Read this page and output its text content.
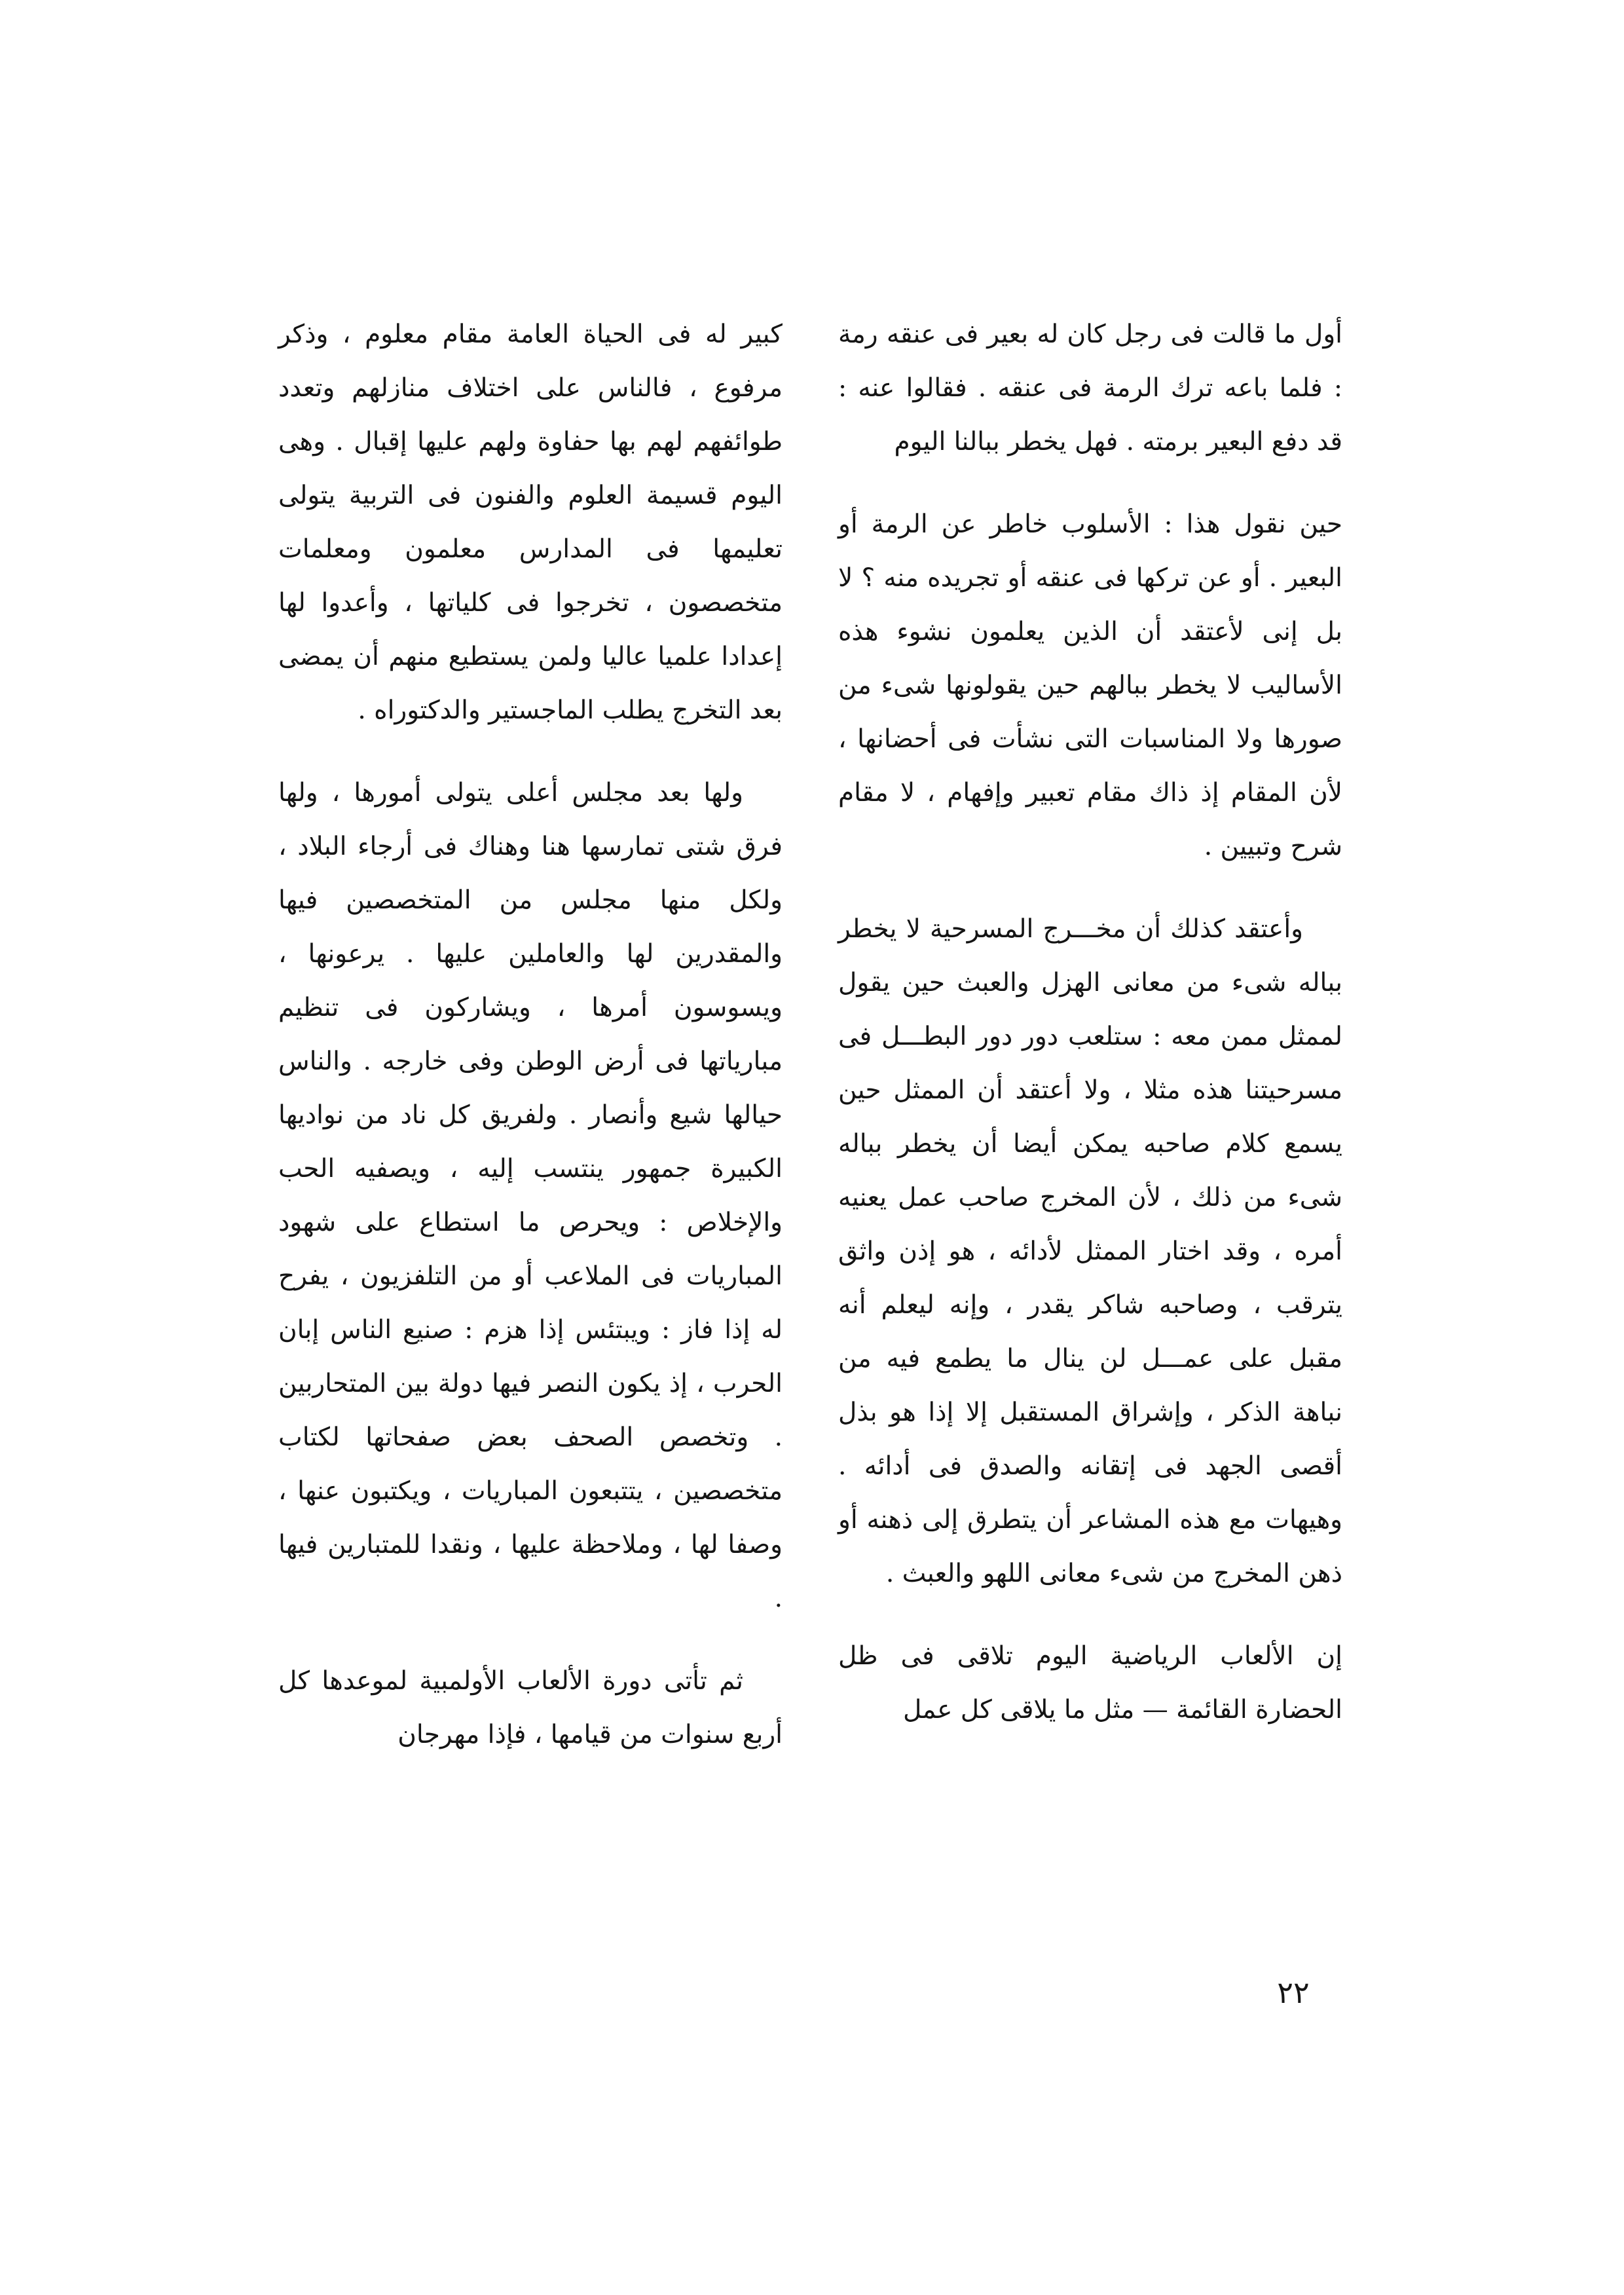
أول ما قالت فى رجل كان له بعير فى عنقه رمة : فلما باعه ترك الرمة فى عنقه . فقالوا عنه : قد دفع البعير برمته . فهل يخطر ببالنا اليوم

حين نقول هذا : الأسلوب خاطر عن الرمة أو البعير . أو عن تركها فى عنقه أو تجريده منه ؟ لا بل إنى لأعتقد أن الذين يعلمون نشوء هذه الأساليب لا يخطر ببالهم حين يقولونها شىء من صورها ولا المناسبات التى نشأت فى أحضانها ، لأن المقام إذ ذاك مقام تعبير وإفهام ، لا مقام شرح وتبيين .

وأعتقد كذلك أن مخـــرج المسرحية لا يخطر بباله شىء من معانى الهزل والعبث حين يقول لممثل ممن معه : ستلعب دور دور البطـــل فى مسرحيتنا هذه مثلا ، ولا أعتقد أن الممثل حين يسمع كلام صاحبه يمكن أيضا أن يخطر بباله شىء من ذلك ، لأن المخرج صاحب عمل يعنيه أمره ، وقد اختار الممثل لأدائه ، هو إذن واثق يترقب ، وصاحبه شاكر يقدر ، وإنه ليعلم أنه مقبل على عمـــل لن ينال ما يطمع فيه من نباهة الذكر ، وإشراق المستقبل إلا إذا هو بذل أقصى الجهد فى إتقانه والصدق فى أدائه . وهيهات مع هذه المشاعر أن يتطرق إلى ذهنه أو ذهن المخرج من شىء معانى اللهو والعبث .

إن الألعاب الرياضية اليوم تلاقى فى ظل الحضارة القائمة — مثل ما يلاقى كل عمل

كبير له فى الحياة العامة مقام معلوم ، وذكر مرفوع ، فالناس على اختلاف منازلهم وتعدد طوائفهم لهم بها حفاوة ولهم عليها إقبال . وهى اليوم قسيمة العلوم والفنون فى التربية يتولى تعليمها فى المدارس معلمون ومعلمات متخصصون ، تخرجوا فى كلياتها ، وأعدوا لها إعدادا علميا عاليا ولمن يستطيع منهم أن يمضى بعد التخرج يطلب الماجستير والدكتوراه .

ولها بعد مجلس أعلى يتولى أمورها ، ولها فرق شتى تمارسها هنا وهناك فى أرجاء البلاد ، ولكل منها مجلس من المتخصصين فيها والمقدرين لها والعاملين عليها . يرعونها ، ويسوسون أمرها ، ويشاركون فى تنظيم مبارياتها فى أرض الوطن وفى خارجه . والناس حيالها شيع وأنصار . ولفريق كل ناد من نواديها الكبيرة جمهور ينتسب إليه ، ويصفيه الحب والإخلاص : ويحرص ما استطاع على شهود المباريات فى الملاعب أو من التلفزيون ، يفرح له إذا فاز : ويبتئس إذا هزم : صنيع الناس إبان الحرب ، إذ يكون النصر فيها دولة بين المتحاربين . وتخصص الصحف بعض صفحاتها لكتاب متخصصين ، يتتبعون المباريات ، ويكتبون عنها ، وصفا لها ، وملاحظة عليها ، ونقدا للمتبارين فيها .

ثم تأتى دورة الألعاب الأولمبية لموعدها كل أربع سنوات من قيامها ، فإذا مهرجان

٢٢
